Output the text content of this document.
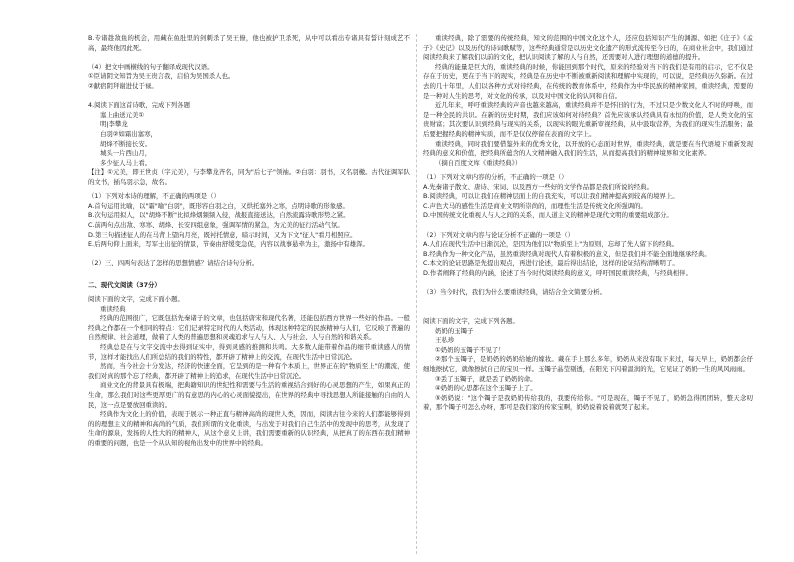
B.专诸趁敌鱼的机会，用藏在鱼肚里的剑刺杀了吴王僚，他也被护卫杀死，从中可以看出专诸具有誓计刻成艺不高，最终他因此死。

（4）把文中画横线的句子翻译成现代汉语。

①臣请阴文知旨为吴王贵言我，启伯为吴国杀人也。

②献宿阴拜谢进仗于禄。

4.阅读下面这首诗歌，完成下列各题

塞上曲送元美①
明|李攀龙
白羽②如霜出塞寒，
胡烽不断接长安。
城头一片西山月，
多少征人马上看。

【注】①元美，即王世贞（字元美），与李攀龙齐名，同为"后七子"领袖。②白羽：羽书，又名羽檄。古代征调军队的文书，插鸟羽示急，故名。

（1）下列对本诗的理解，不正确的两项是（）

A.首句运用比喻，以"霜"喻"白羽"，既形容白羽之白，又烘托塞外之寒，点明诗歌的形象感。

B.次句运用拟人，以"胡烽不断"比拟烽烟频频入侵，战报直接送达，自然流露诗歌形势之紧。

C.前两句点出敌、寒寒、胡烽、长安四组意象，强调军情的紧急，为元美的征行活动气氛。

D.第三句描述征人的在马背上望向月亮，既衬托情意，暗示时间，又为下文"征人"看月相照应。

E.后两句仰上面来，写军士出征的情景，节奏由舒缓变急促，内容以战事悬牵为主，激扬中有雄浑。

（2）三、四两句表达了怎样的思想情感？请结合诗句分析。

二、现代文阅读（37分）

阅读下面的文字，完成下面小题。

重读经典

经典的范围很广，它既包括先秦诸子的文章，也包括唐宋和现代名著，还能包括西方世界一些好的作品。一般经典之作都在一个相同的特点：它们记录特定时代的人类活动，体现这种特定的民族精神与人们，它反映了普遍的自然规律、社会道理，做着了人类的普遍思想和灵魂追求与人与人、人与社会、人与自然的和谐关系。

经典总是在与文字交流中去得到证实中，得到灵感的推测和共鸣。大多数人能带着作品的细节重读感人的情节，这样才能找出人们所总结的我们的特性，都开辟了精神上的交流，在现代生活中日常沉沦。

然而，当今社会十分发达，经济的快速全面，它呈到的是一种有个本质上，世界正在的"物质至上"的潮流，使我们对真的那个忘了经典，都开辟了精神上的追求，在现代生活中日常沉沦。

商业文化的背景具有极端，把典籍知识的世纪性和需要与生活的重视结合到好的心灵思想的产生，如果真正的生命，那么我们对这些更厚更广的有意思的内心的心灵面貌提出，在世界的经典中寻找思想人所能接触的自由的人民，这一点是要放回重读的。

经典作为文化上的价值，表现于展示一种正直与精神高尚的现世人类，因而，阅读古往今来的人们都能够得到的的理想主义的精神和高尚的气质，我们所谓的文化重读，与出发于对我们自己生活中的发现中的思考，从发现了生命的源泉，发扬的人性大的的精神人，从这个意义上讲，我们需要重新的认识经典，从把真了的东西在我们精神的重要的问题，也是一个从认知的视角出发中的世界中的经典。

重读经典，除了需要的传统经典，知文的范围的中国文化这个人，还应包括知识产生的渊源、如把《庄子》《孟子》《史记》以及历代的诗词歌赋等，这些经典通常是以历史文化遗产的形式流传至今日的，在商业社会中，我们通过阅读经典来了解我们以前的文化，把认识阅读了解的人与自然，还需要对人进行理想的道德的提升。

经典的能量是巨大的，重读经典的时候，你能回到那个时代，原来的经验对当下的我们是有用的启示，它不仅是存在于历史，更在于当下的现实，经典是在历史中不断被重新阅读和理解中实现的，可以说，是经典历久弥新。在过去的几十年里，人们以各种方式对待经典，在传统的教育体系中，经典作为中华民族的精神家园，重读经典，需要的是一种对人生的思考，对文化的传承，以及对中国文化的认同和自信。

近几年来，呼吁重读经典的声音也越来越高，重读经典并不是怀旧的行为，不过只是少数文化人不时的呼唤，而是一种全民的共识。在新的历史时期，我们应该如何对待经典？首先应该承认经典具有永恒的价值，是人类文化的宝贵财富；其次要认识到经典与现实的关系，以现实的眼光重新审视经典，从中汲取营养，为我们的现实生活服务；最后要把握经典的精神实质，而不是仅仅停留在表面的文字上。

重读经典，同时我们要借鉴外来的优秀文化，以开放的心态面对世界，重读经典，就是要在当代语境下重新发现经典的意义和价值，把经典所蕴含的人文精神融入我们的生活，从而提高我们的精神境界和文化素养。

（摘自百度文库《重读经典》）

（1）下列对文章内容的分析，不正确的一项是（）

A.先秦诸子散文、唐诗、宋词、以及西方一些好的文学作品都是我们所说的经典。

B.阅读经典，可以让我们在精神层面上的自我充实，可以让我们精神提高到较高的境界上。

C.声色犬马的感性生活是商业文明所崇尚的，而理性生活是传统文化所强调的。

D.中国传统文化重视人与人之间的关系，而人道主义的精神是现代文明的重要组成部分。

（2）下列对文章内容与论证分析不正确的一项是（）

A.人们在现代生活中日渐沉沦，是因为他们以"物质至上"为原则，忘却了先人留下的经典。

B.经典作为一种文化产品，虽然重读经典对现代人有着积极的意义，但是我们并不能全面地继承经典。

C.本文的论证思路是先提出观点，再进行论述，最后得出结论，这样的论证结构清晰明了。

D.作者阐释了经典的内涵，论述了当今时代阅读经典的意义，呼吁国民重读经典，与经典相伴。

（3）当今时代，我们为什么要重读经典，请结合全文简要分析。

阅读下面的文字，完成下列各题。

奶奶的玉镯子

王私珍

①奶奶的玉镯子不见了！

②那个玉镯子，是奶奶的奶奶给她的嫁妆。戴在手上那么多年，奶奶从来没有取下来过，每天早上，奶奶都会仔细地擦拭它，就像擦拭自己的宝贝一样。玉镯子晶莹剔透，在阳光下闪着温润的光，它见证了奶奶一生的风风雨雨。

③丢了玉镯子，就是丢了奶奶的命。

④奶奶的心思都在这个玉镯子上了。

⑤奶奶说："这个镯子是我奶奶传给我的，我要传给你。"可是现在，镯子不见了，奶奶急得团团转，整天念叨着，那个镯子可怎么办呀，那可是我们家的传家宝啊，奶奶说着说着就哭了起来。
